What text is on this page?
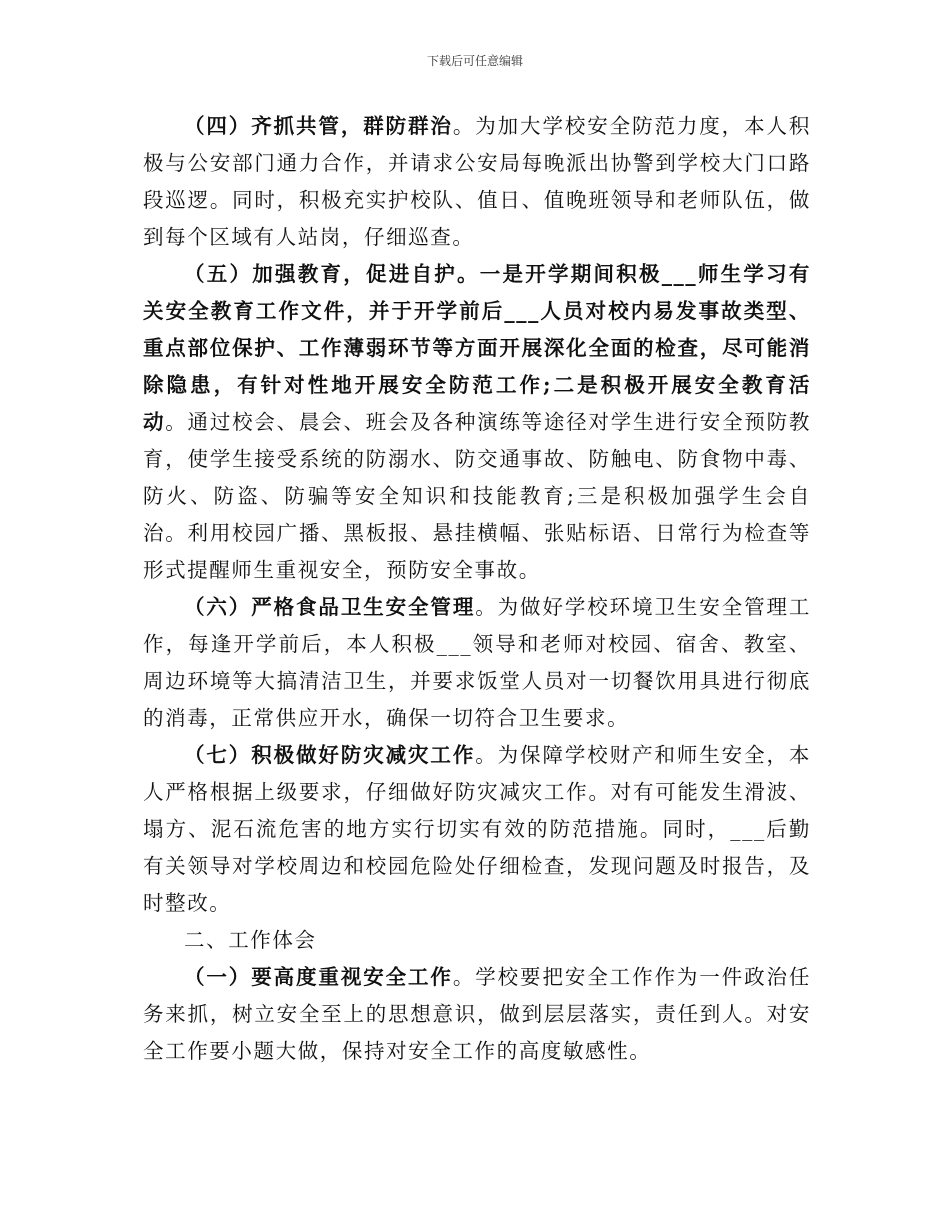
下载后可任意编辑

（四）齐抓共管，群防群治。为加大学校安全防范力度，本人积极与公安部门通力合作，并请求公安局每晚派出协警到学校大门口路段巡逻。同时，积极充实护校队、值日、值晚班领导和老师队伍，做到每个区域有人站岗，仔细巡查。

（五）加强教育，促进自护。一是开学期间积极___师生学习有关安全教育工作文件，并于开学前后___人员对校内易发事故类型、重点部位保护、工作薄弱环节等方面开展深化全面的检查，尽可能消除隐患，有针对性地开展安全防范工作;二是积极开展安全教育活动。通过校会、晨会、班会及各种演练等途径对学生进行安全预防教育，使学生接受系统的防溺水、防交通事故、防触电、防食物中毒、防火、防盗、防骗等安全知识和技能教育;三是积极加强学生会自治。利用校园广播、黑板报、悬挂横幅、张贴标语、日常行为检查等形式提醒师生重视安全，预防安全事故。

（六）严格食品卫生安全管理。为做好学校环境卫生安全管理工作，每逢开学前后，本人积极___领导和老师对校园、宿舍、教室、周边环境等大搞清洁卫生，并要求饭堂人员对一切餐饮用具进行彻底的消毒，正常供应开水，确保一切符合卫生要求。

（七）积极做好防灾减灾工作。为保障学校财产和师生安全，本人严格根据上级要求，仔细做好防灾减灾工作。对有可能发生滑波、塌方、泥石流危害的地方实行切实有效的防范措施。同时，___后勤有关领导对学校周边和校园危险处仔细检查，发现问题及时报告，及时整改。

二、工作体会

（一）要高度重视安全工作。学校要把安全工作作为一件政治任务来抓，树立安全至上的思想意识，做到层层落实，责任到人。对安全工作要小题大做，保持对安全工作的高度敏感性。
